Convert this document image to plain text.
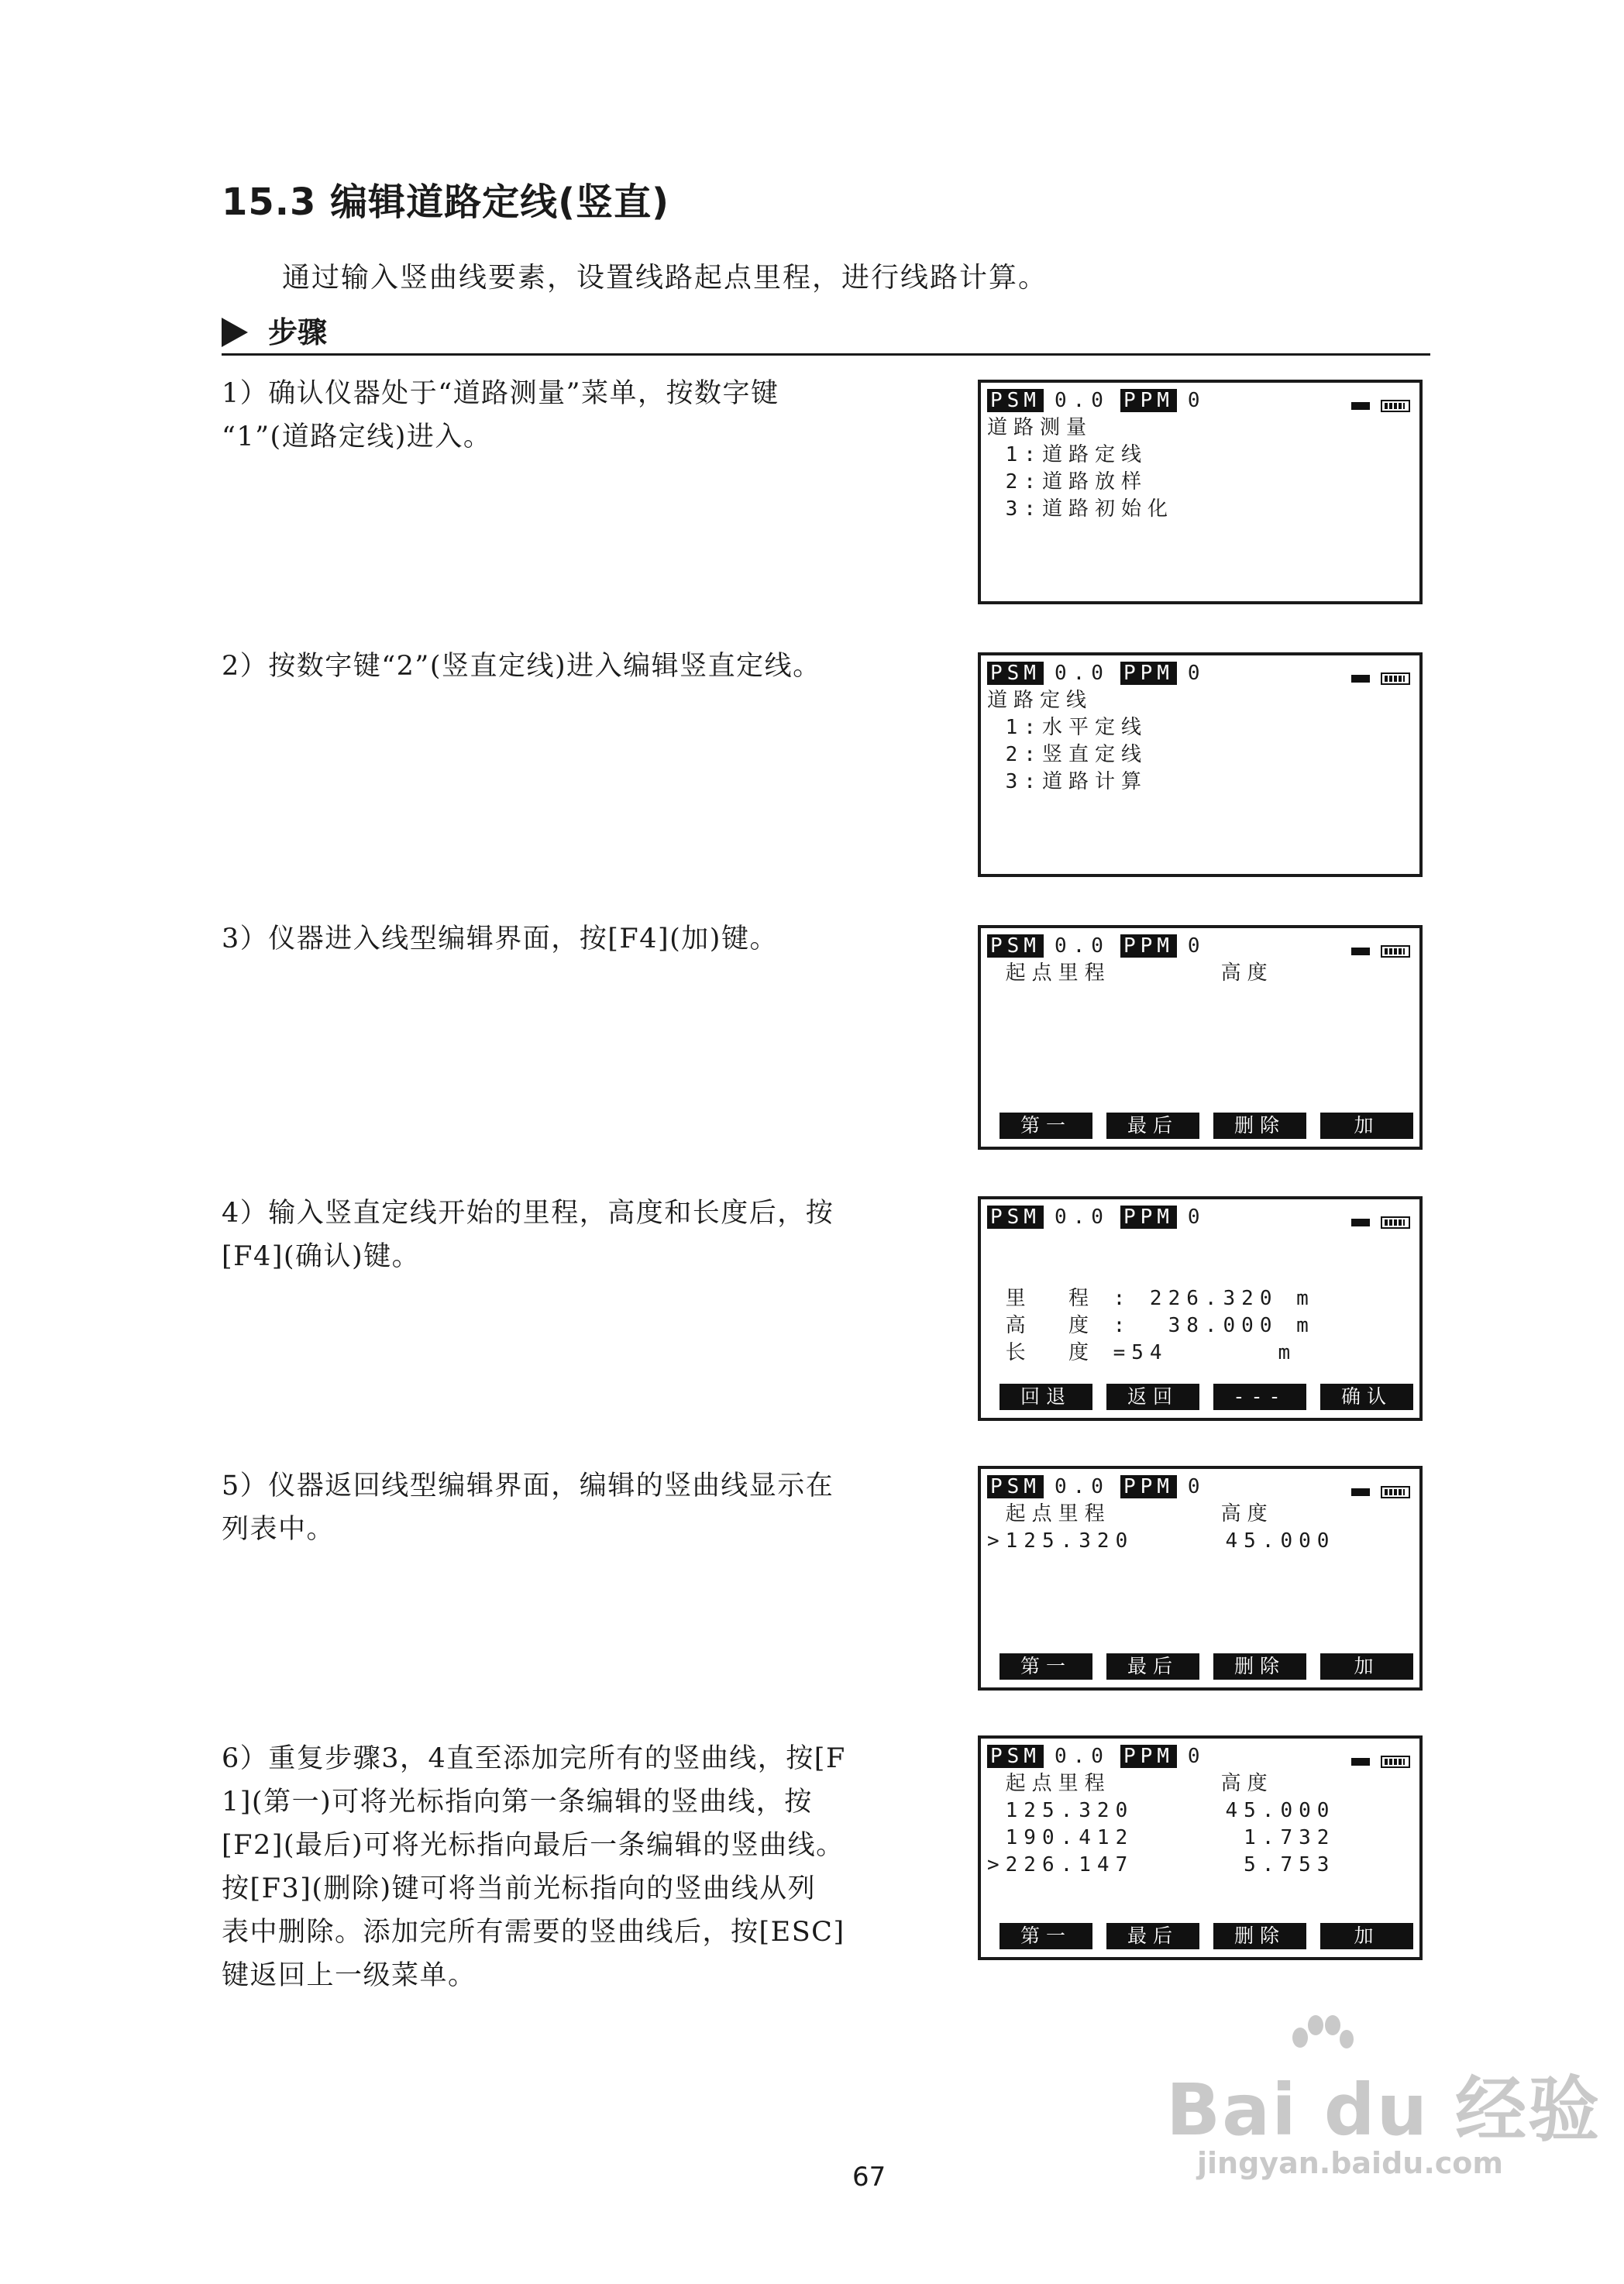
15.3 编辑道路定线(竖直)
通过输入竖曲线要素，设置线路起点里程，进行线路计算。
步骤
1）确认仪器处于“道路测量”菜单，按数字键
“1”(道路定线)进入。
2）按数字键“2”(竖直定线)进入编辑竖直定线。
3）仪器进入线型编辑界面，按[F4](加)键。
4）输入竖直定线开始的里程，高度和长度后，按
[F4](确认)键。
5）仪器返回线型编辑界面，编辑的竖曲线显示在
列表中。
6）重复步骤3，4直至添加完所有的竖曲线，按[F
1](第一)可将光标指向第一条编辑的竖曲线，按
[F2](最后)可将光标指向最后一条编辑的竖曲线。
按[F3](删除)键可将当前光标指向的竖曲线从列
表中删除。添加完所有需要的竖曲线后，按[ESC]
键返回上一级菜单。
PSM 0.0 PPM 0
道路测量
1:道路定线
2:道路放样
3:道路初始化
PSM 0.0 PPM 0
道路定线
1:水平定线
2:竖直定线
3:道路计算
PSM 0.0 PPM 0
起点里程      高度
第一	最后	删除	加
PSM 0.0 PPM 0
里  程 : 226.320 m
高  度 :  38.000 m
长  度 =54      m
回退	返回	---	确认
PSM 0.0 PPM 0
起点里程      高度
>125.320     45.000
第一	最后	删除	加
PSM 0.0 PPM 0
起点里程      高度
125.320     45.000
190.412      1.732
>226.147      5.753
第一	最后	删除	加
67
Bai du 经验
jingyan.baidu.com
